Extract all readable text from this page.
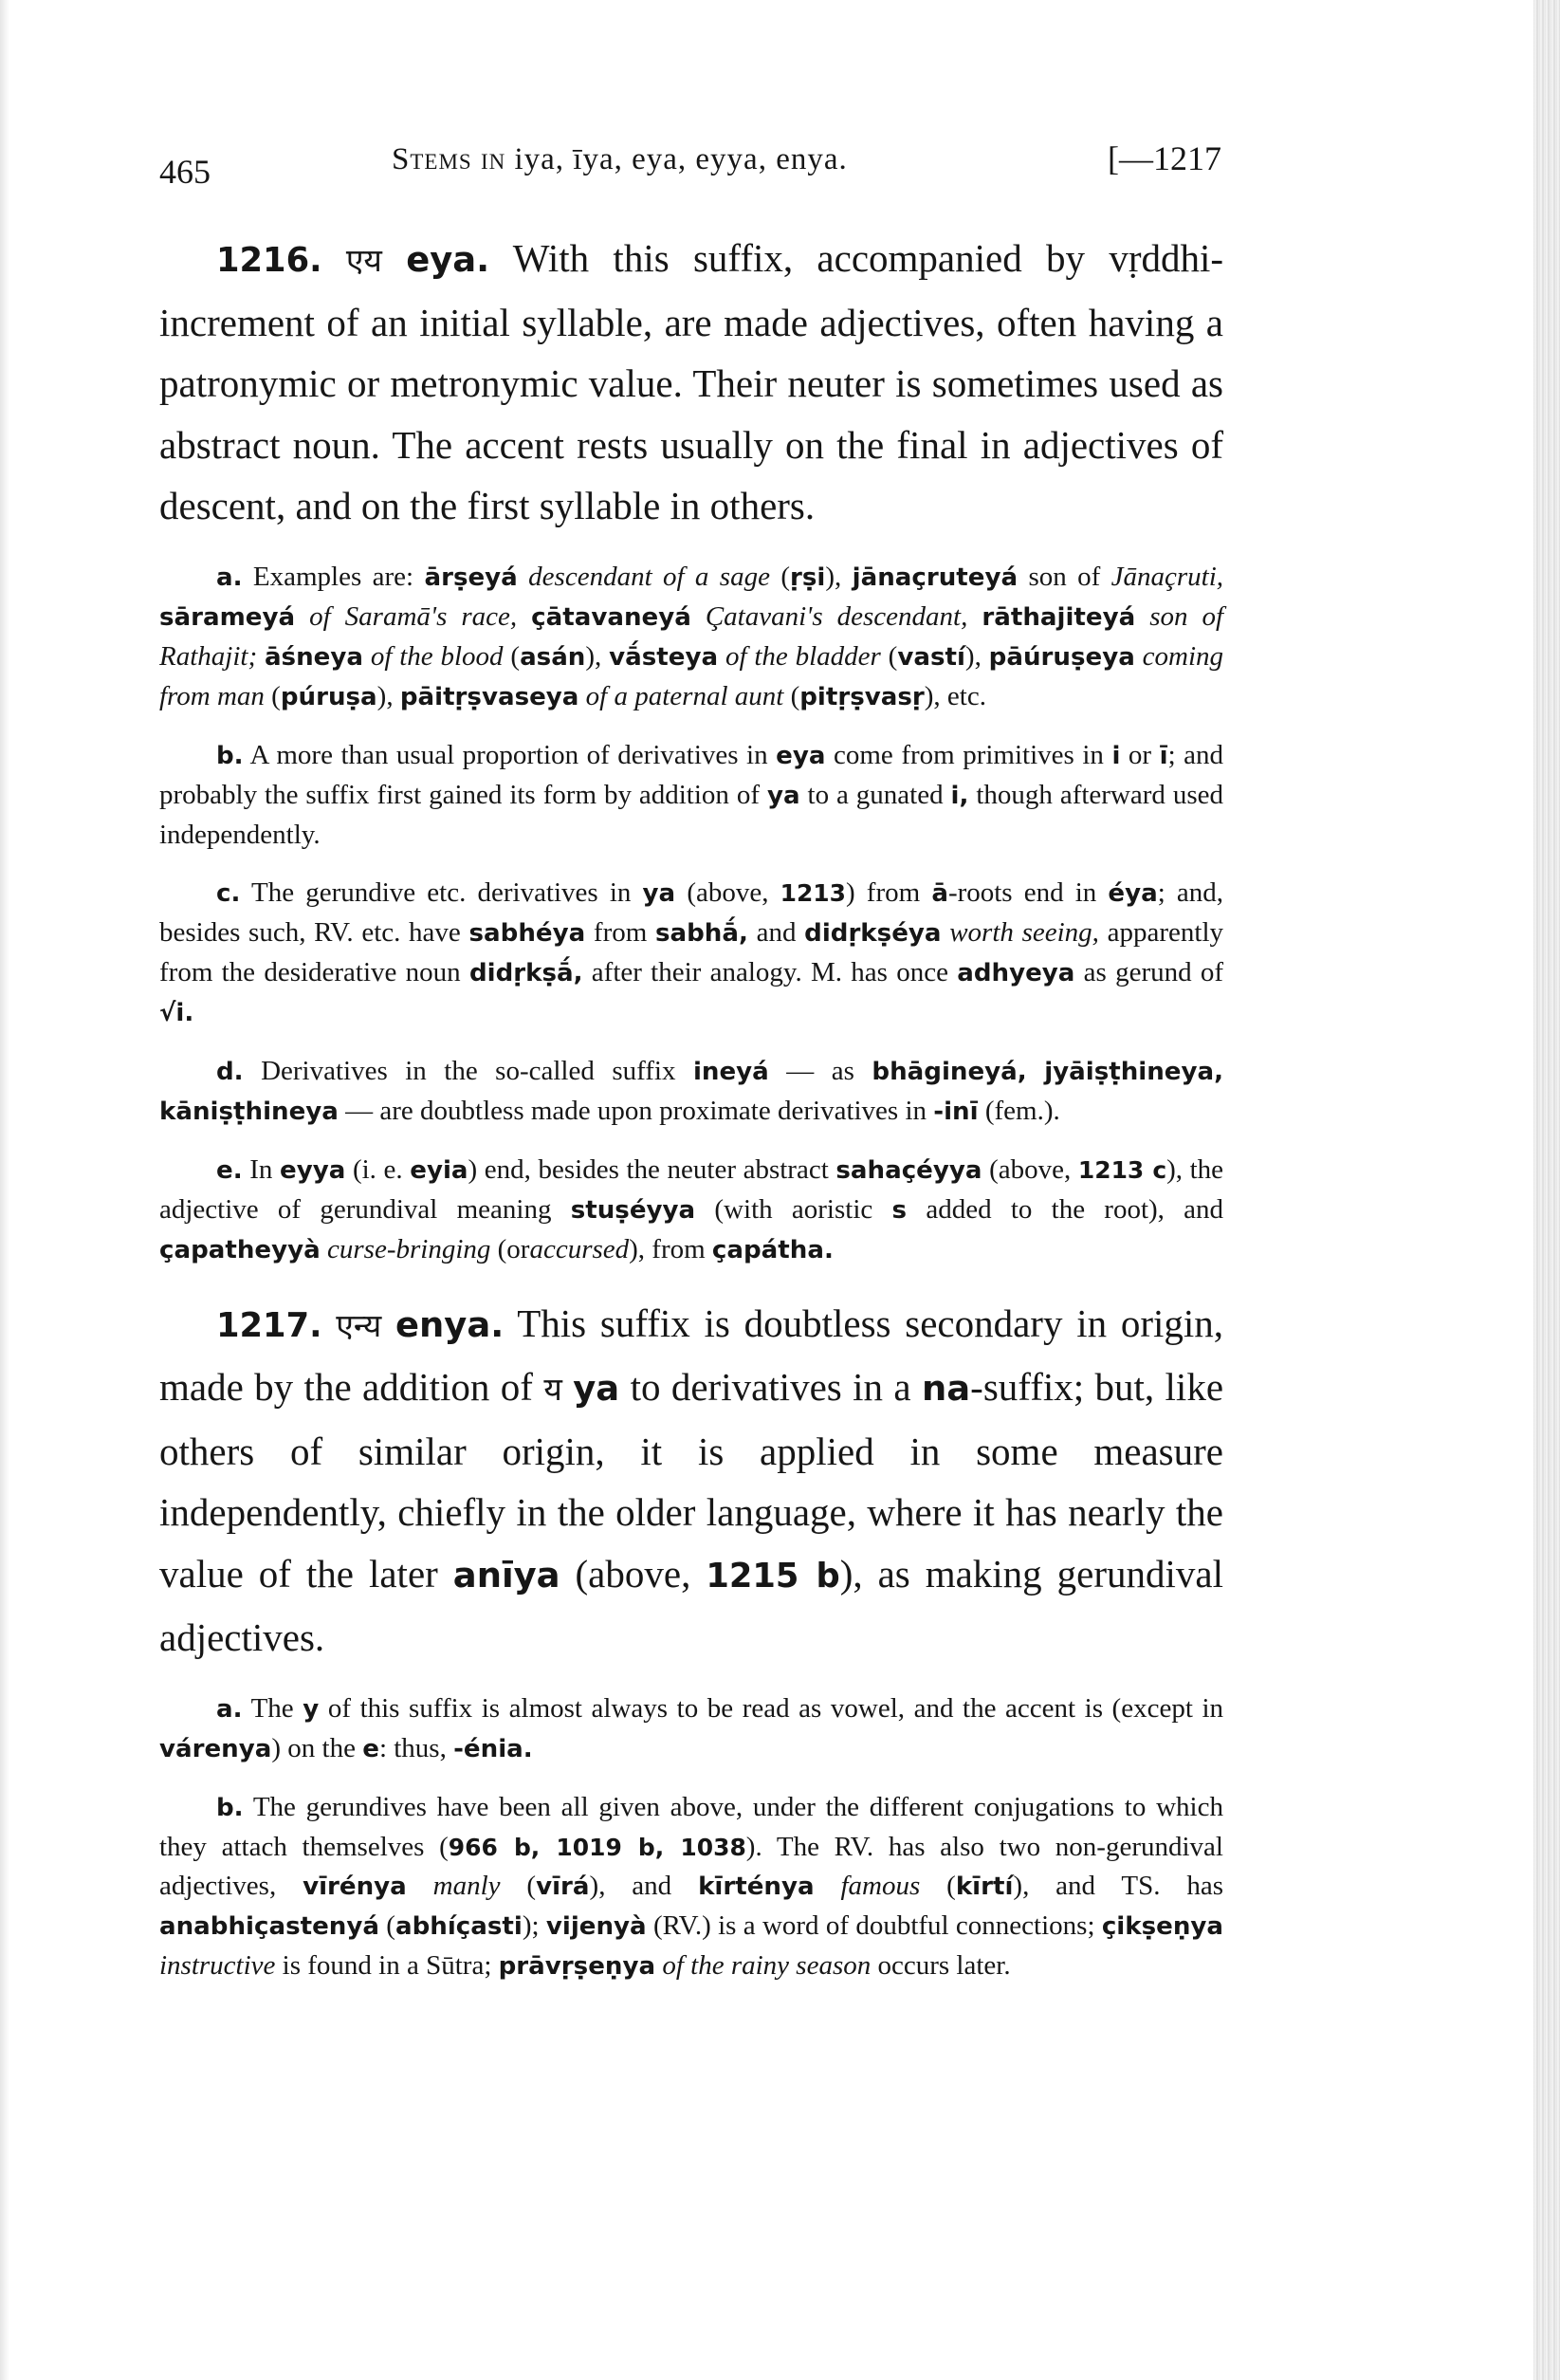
465	Stems in iya, īya, eya, eyya, enya.	[—1217

1216. एय eya. With this suffix, accompanied by vṛddhi-increment of an initial syllable, are made adjectives, often having a patronymic or metronymic value. Their neuter is sometimes used as abstract noun. The accent rests usually on the final in adjectives of descent, and on the first syllable in others.

a. Examples are: ārṣeyá descendant of a sage (ṛṣi), jānaçruteyá son of Jānaçruti, sārameyá of Saramā's race, çātavaneyá Çatavani's descendant, rāthajiteyá son of Rathajit; āśneya of the blood (asán), vā́steya of the bladder (vastí), pāúruṣeya coming from man (púruṣa), pāitṛṣvaseya of a paternal aunt (pitṛṣvasṛ), etc.

b. A more than usual proportion of derivatives in eya come from primitives in i or ī; and probably the suffix first gained its form by addition of ya to a gunated i, though afterward used independently.

c. The gerundive etc. derivatives in ya (above, 1213) from ā-roots end in éya; and, besides such, RV. etc. have sabhéya from sabhā́, and didṛkṣéya worth seeing, apparently from the desiderative noun didṛkṣā́, after their analogy. M. has once adhyeya as gerund of √i.

d. Derivatives in the so-called suffix ineyá — as bhāgineyá, jyāiṣṭhineya, kāniṣṭhineya — are doubtless made upon proximate derivatives in -inī (fem.).

e. In eyya (i. e. eyia) end, besides the neuter abstract sahaçéyya (above, 1213 c), the adjective of gerundival meaning stuṣéyya (with aoristic s added to the root), and çapatheyyà curse-bringing (oraccursed), from çapátha.

1217. एन्य enya. This suffix is doubtless secondary in origin, made by the addition of य ya to derivatives in a na-suffix; but, like others of similar origin, it is applied in some measure independently, chiefly in the older language, where it has nearly the value of the later anīya (above, 1215 b), as making gerundival adjectives.

a. The y of this suffix is almost always to be read as vowel, and the accent is (except in várenya) on the e: thus, -énia.

b. The gerundives have been all given above, under the different conjugations to which they attach themselves (966 b, 1019 b, 1038). The RV. has also two non-gerundival adjectives, vīrénya manly (vīrá), and kīrténya famous (kīrtí), and TS. has anabhiçastenyá (abhíçasti); vijenyà (RV.) is a word of doubtful connections; çikṣeṇya instructive is found in a Sūtra; prāvṛṣeṇya of the rainy season occurs later.
